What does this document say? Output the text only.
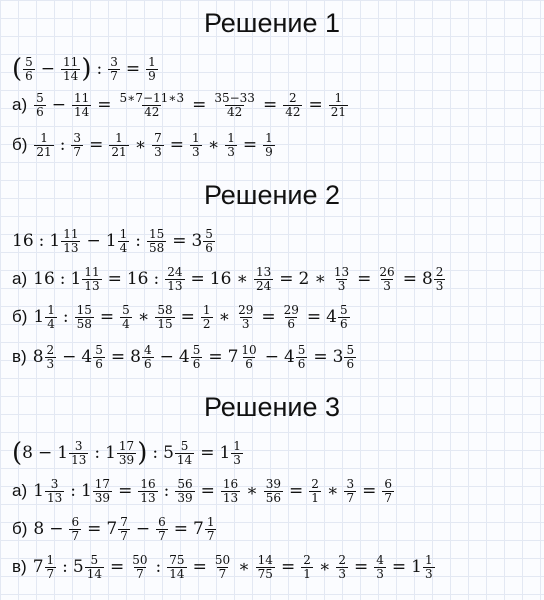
Решение 1
( $\frac{5}{6} - \frac{11}{14}$ ) : $\frac{3}{7} = \frac{1}{9}$
$а) \frac{5}{6} - \frac{11}{14} = \frac{5∗7-11∗3}{42} = \frac{35-33}{42} = \frac{2}{42} = \frac{1}{21}$
$б) \frac{1}{21}$ : $\frac{3}{7} = \frac{1}{21}$ ∗ $\frac{7}{3} = \frac{1}{3}$ ∗ $\frac{1}{3} = \frac{1}{9}$
Решение 2
16 : $1 \frac{11}{13} - 1 \frac{1}{4}$ : $\frac{15}{58} = 3 \frac{5}{6}$
а) 16 : $1 \frac{11}{13} = 16$ : $\frac{24}{13} = 16$ ∗ $\frac{13}{24} = 2$ ∗ $\frac{13}{3} = \frac{26}{3} = 8 \frac{2}{3}$
б) $1 \frac{1}{4}$ : $\frac{15}{58} = \frac{5}{4}$ ∗ $\frac{58}{15} = \frac{1}{2}$ ∗ $\frac{29}{3} = \frac{29}{6} = 4 \frac{5}{6}$
в) $8 \frac{2}{3} - 4 \frac{5}{6} = 8 \frac{4}{6} - 4 \frac{5}{6} = 7 \frac{10}{6} - 4 \frac{5}{6} = 3 \frac{5}{6}$
Решение 3
( $8 - 1 \frac{3}{13}$ : $1 \frac{17}{39}$ ) : $5 \frac{5}{14} = 1 \frac{1}{3}$
а) $1 \frac{3}{13}$ : $1 \frac{17}{39} = \frac{16}{13}$ : $\frac{56}{39} = \frac{16}{13}$ ∗ $\frac{39}{56} = \frac{2}{1}$ ∗ $\frac{3}{7} = \frac{6}{7}$
б) $8 - \frac{6}{7} = 7 \frac{7}{7} - \frac{6}{7} = 7 \frac{1}{7}$
в) $7 \frac{1}{7}$ : $5 \frac{5}{14} = \frac{50}{7}$ : $\frac{75}{14} = \frac{50}{7}$ ∗ $\frac{14}{75} = \frac{2}{1}$ ∗ $\frac{2}{3} = \frac{4}{3} = 1 \frac{1}{3}$
